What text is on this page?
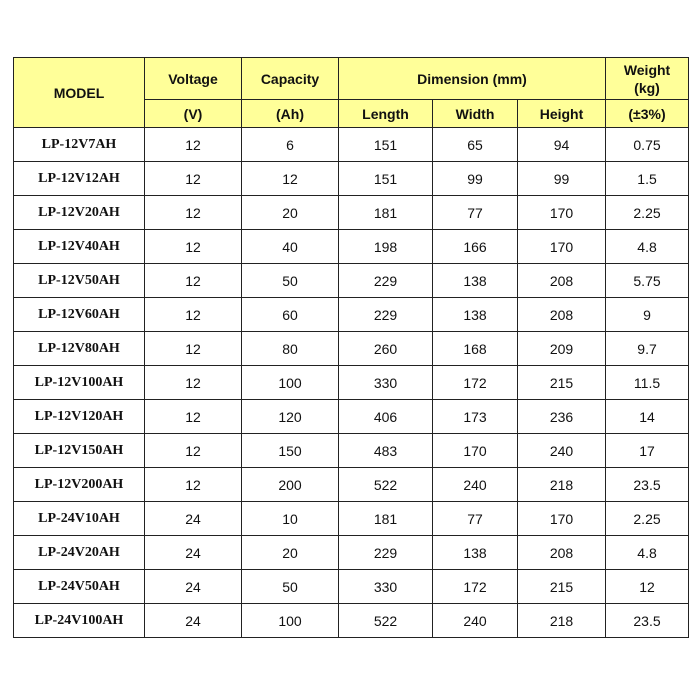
MODEL	Voltage	Capacity	Dimension (mm)			Weight
(kg)
	(V)	(Ah)	Length	Width	Height	(±3%)
LP-12V7AH	12	6	151	65	94	0.75
LP-12V12AH	12	12	151	99	99	1.5
LP-12V20AH	12	20	181	77	170	2.25
LP-12V40AH	12	40	198	166	170	4.8
LP-12V50AH	12	50	229	138	208	5.75
LP-12V60AH	12	60	229	138	208	9
LP-12V80AH	12	80	260	168	209	9.7
LP-12V100AH	12	100	330	172	215	11.5
LP-12V120AH	12	120	406	173	236	14
LP-12V150AH	12	150	483	170	240	17
LP-12V200AH	12	200	522	240	218	23.5
LP-24V10AH	24	10	181	77	170	2.25
LP-24V20AH	24	20	229	138	208	4.8
LP-24V50AH	24	50	330	172	215	12
LP-24V100AH	24	100	522	240	218	23.5
